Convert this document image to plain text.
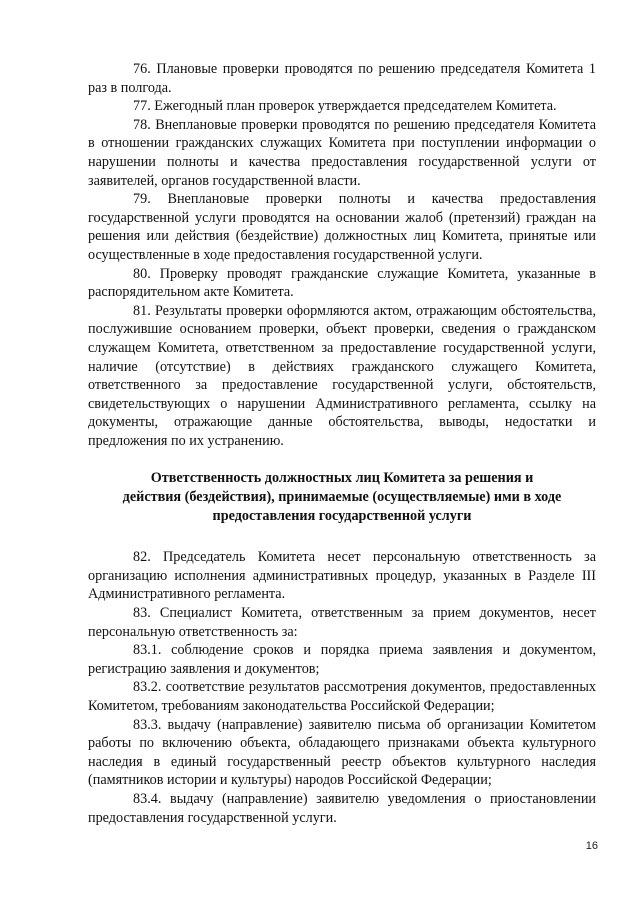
76. Плановые проверки проводятся по решению председателя Комитета 1 раз в полгода.

77. Ежегодный план проверок утверждается председателем Комитета.

78. Внеплановые проверки проводятся по решению председателя Комитета в отношении гражданских служащих Комитета при поступлении информации о нарушении полноты и качества предоставления государственной услуги от заявителей, органов государственной власти.

79. Внеплановые проверки полноты и качества предоставления государственной услуги проводятся на основании жалоб (претензий) граждан на решения или действия (бездействие) должностных лиц Комитета, принятые или осуществленные в ходе предоставления государственной услуги.

80. Проверку проводят гражданские служащие Комитета, указанные в распорядительном акте Комитета.

81. Результаты проверки оформляются актом, отражающим обстоятельства, послужившие основанием проверки, объект проверки, сведения о гражданском служащем Комитета, ответственном за предоставление государственной услуги, наличие (отсутствие) в действиях гражданского служащего Комитета, ответственного за предоставление государственной услуги, обстоятельств, свидетельствующих о нарушении Административного регламента, ссылку на документы, отражающие данные обстоятельства, выводы, недостатки и предложения по их устранению.

Ответственность должностных лиц Комитета за решения и
действия (бездействия), принимаемые (осуществляемые) ими в ходе
предоставления государственной услуги

82. Председатель Комитета несет персональную ответственность за организацию исполнения административных процедур, указанных в Разделе III Административного регламента.

83. Специалист Комитета, ответственным за прием документов, несет персональную ответственность за:

83.1. соблюдение сроков и порядка приема заявления и документом, регистрацию заявления и документов;

83.2. соответствие результатов рассмотрения документов, предоставленных Комитетом, требованиям законодательства Российской Федерации;

83.3. выдачу (направление) заявителю письма об организации Комитетом работы по включению объекта, обладающего признаками объекта культурного наследия в единый государственный реестр объектов культурного наследия (памятников истории и культуры) народов Российской Федерации;

83.4. выдачу (направление) заявителю уведомления о приостановлении предоставления государственной услуги.

16
